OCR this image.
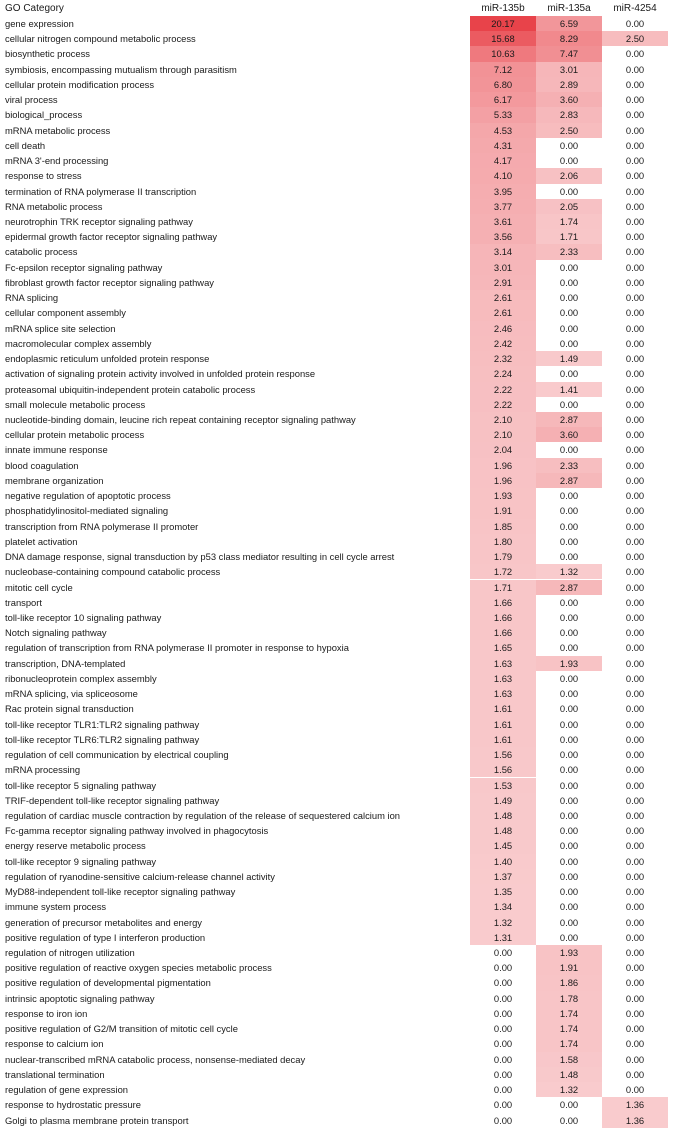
GO Category	miR-135b	miR-135a	miR-4254
gene expression	20.17	6.59	0.00
cellular nitrogen compound metabolic process	15.68	8.29	2.50
biosynthetic process	10.63	7.47	0.00
symbiosis, encompassing mutualism through parasitism	7.12	3.01	0.00
cellular protein modification process	6.80	2.89	0.00
viral process	6.17	3.60	0.00
biological_process	5.33	2.83	0.00
mRNA metabolic process	4.53	2.50	0.00
cell death	4.31	0.00	0.00
mRNA 3'-end processing	4.17	0.00	0.00
response to stress	4.10	2.06	0.00
termination of RNA polymerase II transcription	3.95	0.00	0.00
RNA metabolic process	3.77	2.05	0.00
neurotrophin TRK receptor signaling pathway	3.61	1.74	0.00
epidermal growth factor receptor signaling pathway	3.56	1.71	0.00
catabolic process	3.14	2.33	0.00
Fc-epsilon receptor signaling pathway	3.01	0.00	0.00
fibroblast growth factor receptor signaling pathway	2.91	0.00	0.00
RNA splicing	2.61	0.00	0.00
cellular component assembly	2.61	0.00	0.00
mRNA splice site selection	2.46	0.00	0.00
macromolecular complex assembly	2.42	0.00	0.00
endoplasmic reticulum unfolded protein response	2.32	1.49	0.00
activation of signaling protein activity involved in unfolded protein response	2.24	0.00	0.00
proteasomal ubiquitin-independent protein catabolic process	2.22	1.41	0.00
small molecule metabolic process	2.22	0.00	0.00
nucleotide-binding domain, leucine rich repeat containing receptor signaling pathway	2.10	2.87	0.00
cellular protein metabolic process	2.10	3.60	0.00
innate immune response	2.04	0.00	0.00
blood coagulation	1.96	2.33	0.00
membrane organization	1.96	2.87	0.00
negative regulation of apoptotic process	1.93	0.00	0.00
phosphatidylinositol-mediated signaling	1.91	0.00	0.00
transcription from RNA polymerase II promoter	1.85	0.00	0.00
platelet activation	1.80	0.00	0.00
DNA damage response, signal transduction by p53 class mediator resulting in cell cycle arrest	1.79	0.00	0.00
nucleobase-containing compound catabolic process	1.72	1.32	0.00
mitotic cell cycle	1.71	2.87	0.00
transport	1.66	0.00	0.00
toll-like receptor 10 signaling pathway	1.66	0.00	0.00
Notch signaling pathway	1.66	0.00	0.00
regulation of transcription from RNA polymerase II promoter in response to hypoxia	1.65	0.00	0.00
transcription, DNA-templated	1.63	1.93	0.00
ribonucleoprotein complex assembly	1.63	0.00	0.00
mRNA splicing, via spliceosome	1.63	0.00	0.00
Rac protein signal transduction	1.61	0.00	0.00
toll-like receptor TLR1:TLR2 signaling pathway	1.61	0.00	0.00
toll-like receptor TLR6:TLR2 signaling pathway	1.61	0.00	0.00
regulation of cell communication by electrical coupling	1.56	0.00	0.00
mRNA processing	1.56	0.00	0.00
toll-like receptor 5 signaling pathway	1.53	0.00	0.00
TRIF-dependent toll-like receptor signaling pathway	1.49	0.00	0.00
regulation of cardiac muscle contraction by regulation of the release of sequestered calcium ion	1.48	0.00	0.00
Fc-gamma receptor signaling pathway involved in phagocytosis	1.48	0.00	0.00
energy reserve metabolic process	1.45	0.00	0.00
toll-like receptor 9 signaling pathway	1.40	0.00	0.00
regulation of ryanodine-sensitive calcium-release channel activity	1.37	0.00	0.00
MyD88-independent toll-like receptor signaling pathway	1.35	0.00	0.00
immune system process	1.34	0.00	0.00
generation of precursor metabolites and energy	1.32	0.00	0.00
positive regulation of type I interferon production	1.31	0.00	0.00
regulation of nitrogen utilization	0.00	1.93	0.00
positive regulation of reactive oxygen species metabolic process	0.00	1.91	0.00
positive regulation of developmental pigmentation	0.00	1.86	0.00
intrinsic apoptotic signaling pathway	0.00	1.78	0.00
response to iron ion	0.00	1.74	0.00
positive regulation of G2/M transition of mitotic cell cycle	0.00	1.74	0.00
response to calcium ion	0.00	1.74	0.00
nuclear-transcribed mRNA catabolic process, nonsense-mediated decay	0.00	1.58	0.00
translational termination	0.00	1.48	0.00
regulation of gene expression	0.00	1.32	0.00
response to hydrostatic pressure	0.00	0.00	1.36
Golgi to plasma membrane protein transport	0.00	0.00	1.36
